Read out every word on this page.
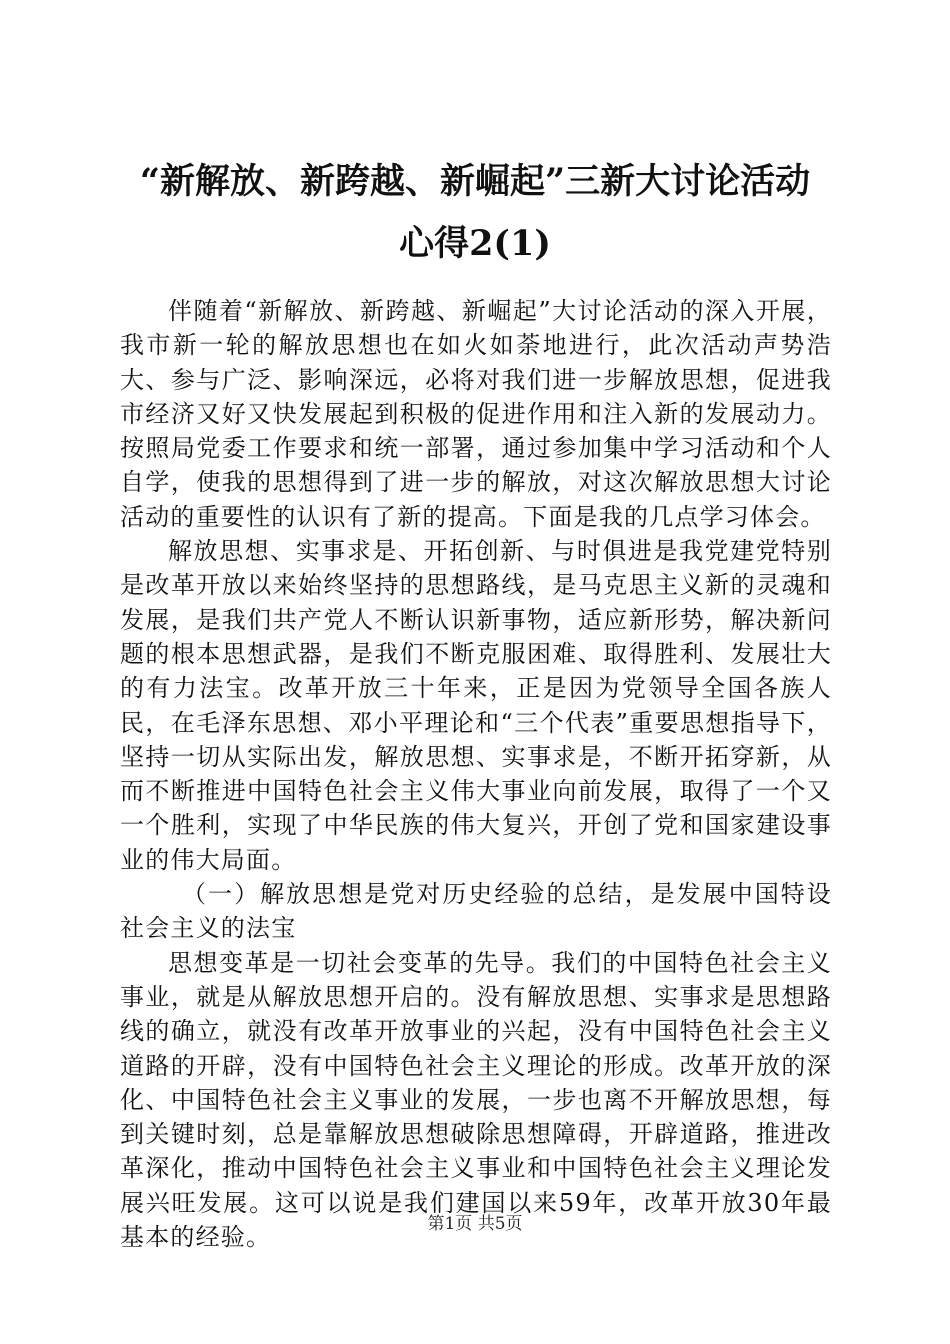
“新解放、新跨越、新崛起”三新大讨论活动
心得2(1)

伴随着“新解放、新跨越、新崛起”大讨论活动的深入开展，我市新一轮的解放思想也在如火如荼地进行，此次活动声势浩大、参与广泛、影响深远，必将对我们进一步解放思想，促进我市经济又好又快发展起到积极的促进作用和注入新的发展动力。按照局党委工作要求和统一部署，通过参加集中学习活动和个人自学，使我的思想得到了进一步的解放，对这次解放思想大讨论活动的重要性的认识有了新的提高。下面是我的几点学习体会。

解放思想、实事求是、开拓创新、与时俱进是我党建党特别是改革开放以来始终坚持的思想路线，是马克思主义新的灵魂和发展，是我们共产党人不断认识新事物，适应新形势，解决新问题的根本思想武器，是我们不断克服困难、取得胜利、发展壮大的有力法宝。改革开放三十年来，正是因为党领导全国各族人民，在毛泽东思想、邓小平理论和“三个代表”重要思想指导下，坚持一切从实际出发，解放思想、实事求是，不断开拓穿新，从而不断推进中国特色社会主义伟大事业向前发展，取得了一个又一个胜利，实现了中华民族的伟大复兴，开创了党和国家建设事业的伟大局面。

（一）解放思想是党对历史经验的总结，是发展中国特设社会主义的法宝

思想变革是一切社会变革的先导。我们的中国特色社会主义事业，就是从解放思想开启的。没有解放思想、实事求是思想路线的确立，就没有改革开放事业的兴起，没有中国特色社会主义道路的开辟，没有中国特色社会主义理论的形成。改革开放的深化、中国特色社会主义事业的发展，一步也离不开解放思想，每到关键时刻，总是靠解放思想破除思想障碍，开辟道路，推进改革深化，推动中国特色社会主义事业和中国特色社会主义理论发展兴旺发展。这可以说是我们建国以来59年，改革开放30年最基本的经验。	第1页 共5页
